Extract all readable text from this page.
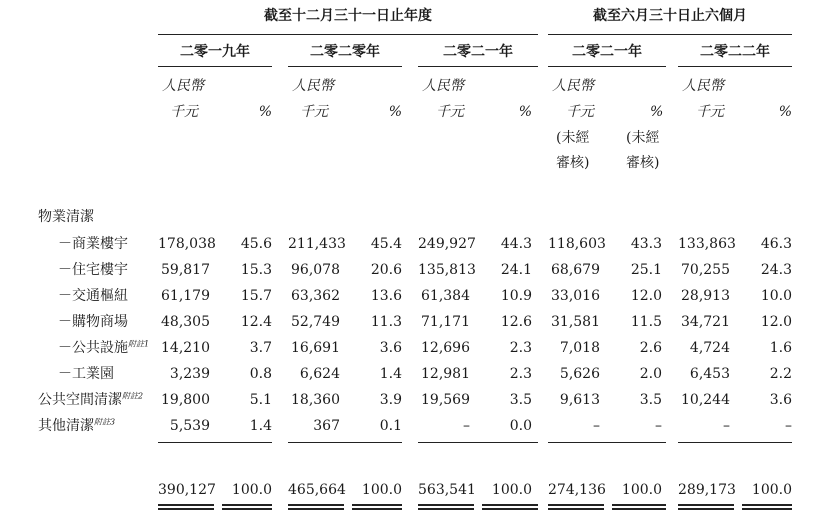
截至十二月三十一日止年度	截至六月三十日止六個月
二零一九年	二零二零年	二零二一年	二零二一年	二零二二年
人民幣	人民幣	人民幣	人民幣	人民幣
千元	% 千元	% 千元	% 千元	% 千元	%
(未經
審核)
(未經
審核)
物業清潔
－商業樓宇 178,038	45.6 211,433	45.4 249,927	44.3 118,603	43.3 133,863	46.3
－住宅樓宇 59,817	15.3 96,078	20.6 135,813	24.1 68,679	25.1 70,255	24.3
－交通樞紐 61,179	15.7 63,362	13.6 61,384	10.9 33,016	12.0 28,913	10.0
－購物商場 48,305	12.4 52,749	11.3 71,171	12.6 31,581	11.5 34,721	12.0
－公共設施$^{附註1}$ 14,210	3.7 16,691	3.6 12,696	2.3	7,018	2.6	4,724	1.6
－工業園	3,239	0.8	6,624	1.4 12,981	2.3	5,626	2.0	6,453	2.2
公共空間清潔$^{附註2}$ 19,800	5.1 18,360	3.9 19,569	3.5	9,613	3.5 10,244	3.6
其他清潔$^{附註3}$	5,539	1.4	367	0.1	–	0.0	–	–	–	–
390,127 100.0 465,664 100.0 563,541 100.0 274,136 100.0 289,173 100.0
